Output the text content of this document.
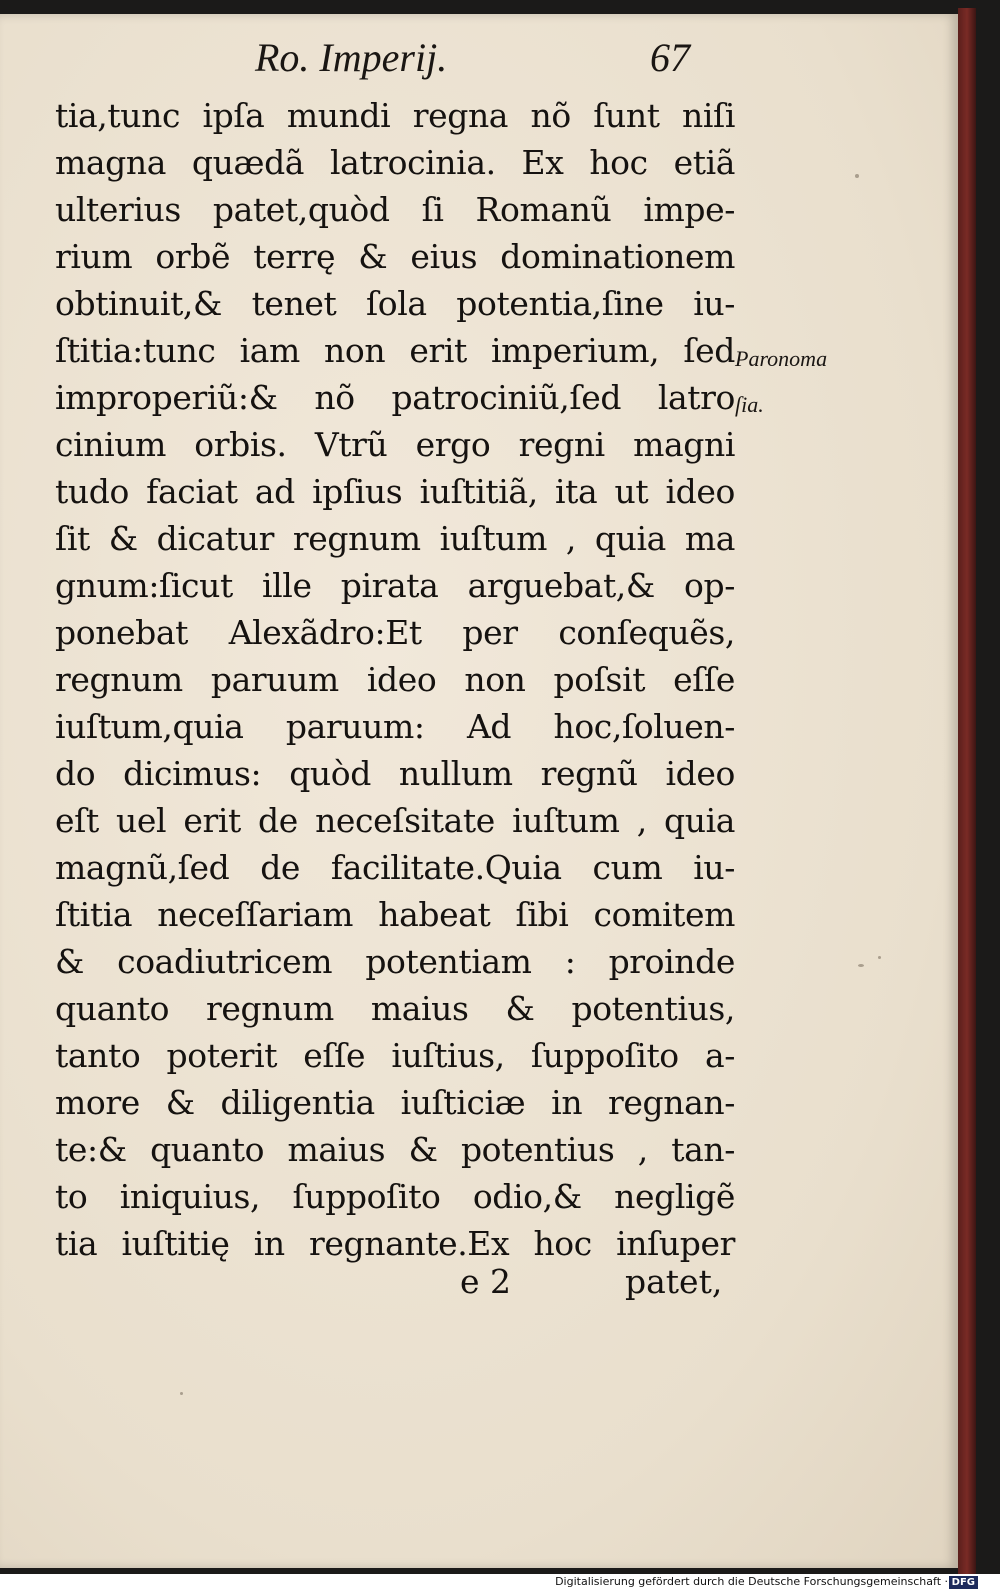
Ro. Imperij.	67
tia,tunc ipſa mundi regna nõ ſunt niſi
magna quædã latrocinia. Ex hoc etiã
ulterius patet,quòd ſi Romanũ impe-
rium orbẽ terrę & eius dominationem
obtinuit,& tenet ſola potentia,ſine iu-
ſtitia:tunc iam non erit imperium, ſed
improperiũ:& nõ patrociniũ,ſed latro
cinium orbis. Vtrũ ergo regni magni
tudo faciat ad ipſius iuſtitiã, ita ut ideo
ſit & dicatur regnum iuſtum , quia ma
gnum:ſicut ille pirata arguebat,& op-
ponebat Alexãdro:Et per conſequẽs,
regnum paruum ideo non poſsit eſſe
iuſtum,quia paruum: Ad hoc,ſoluen-
do dicimus: quòd nullum regnũ ideo
eſt uel erit de neceſsitate iuſtum , quia
magnũ,ſed de facilitate.Quia cum iu-
ſtitia neceſſariam habeat ſibi comitem
& coadiutricem potentiam : proinde
quanto regnum maius & potentius,
tanto poterit eſſe iuſtius, ſuppoſito a-
more & diligentia iuſticiæ in regnan-
te:& quanto maius & potentius , tan-
to iniquius, ſuppoſito odio,& negligẽ
tia iuſtitię in regnante.Ex hoc inſuper
Paronoma
ſia.
e 2	patet,
Digitalisierung gefördert durch die Deutsche Forschungsgemeinschaft · DFG
